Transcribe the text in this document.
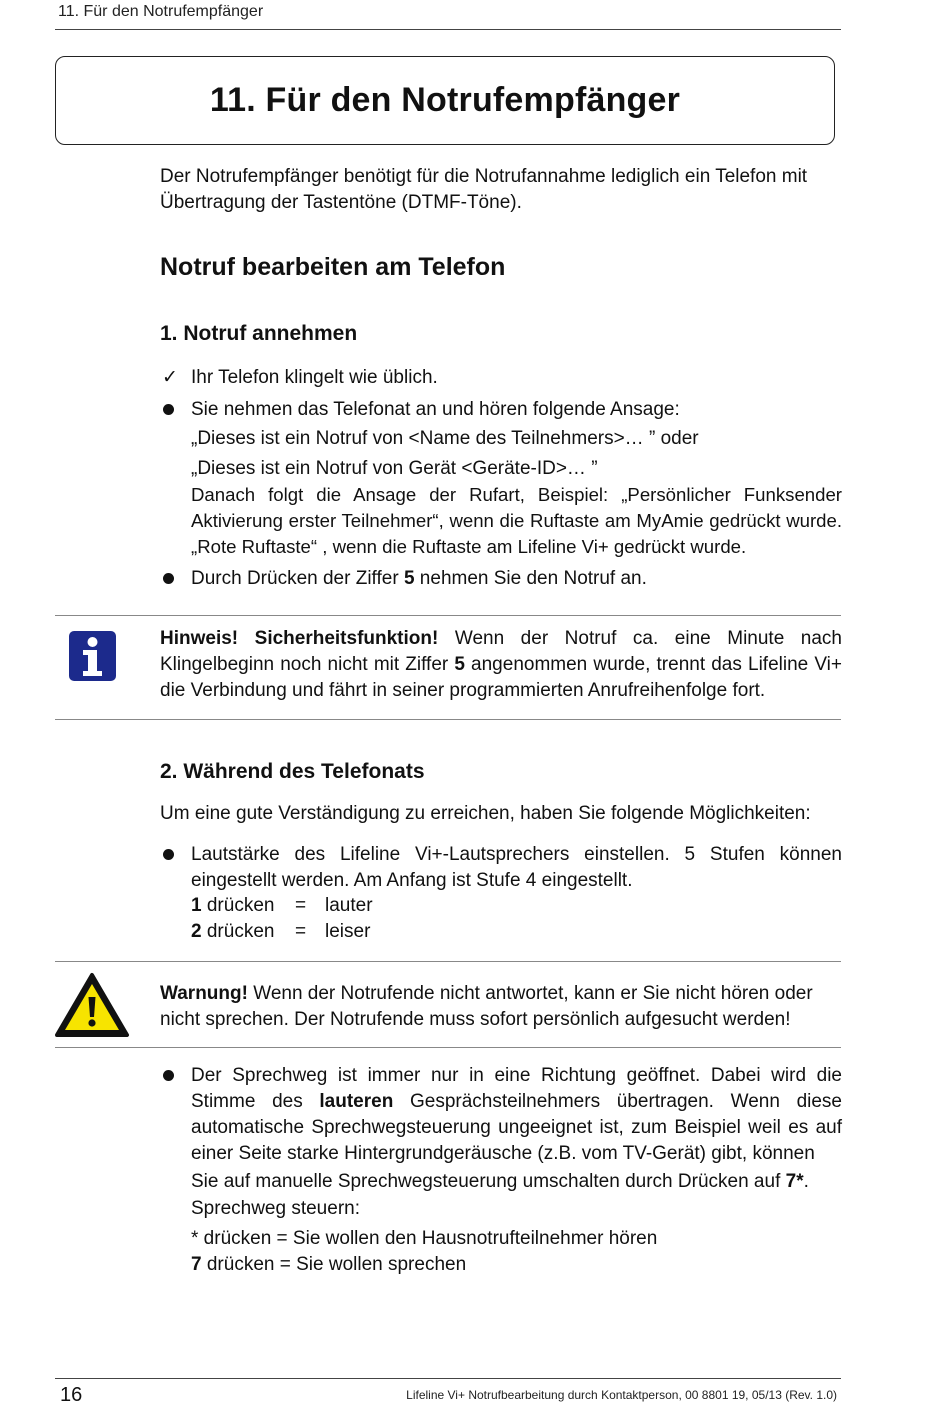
11. Für den Notrufempfänger
11. Für den Notrufempfänger

Der Notrufempfänger benötigt für die Notrufannahme lediglich ein Telefon mit Übertragung der Tastentöne (DTMF-Töne).

Notruf bearbeiten am Telefon
1. Notruf annehmen
✓ Ihr Telefon klingelt wie üblich.

Sie nehmen das Telefonat an und hören folgende Ansage:

„Dieses ist ein Notruf von <Name des Teilnehmers>… ” oder

„Dieses ist ein Notruf von Gerät <Geräte-ID>… ”

Danach folgt die Ansage der Rufart, Beispiel: „Persönlicher Funksender Aktivierung erster Teilnehmer“, wenn die Ruftaste am MyAmie gedrückt wurde. „Rote Ruftaste“ , wenn die Ruftaste am Lifeline Vi+ gedrückt wurde.

Durch Drücken der Ziffer 5 nehmen Sie den Notruf an.

Hinweis! Sicherheitsfunktion! Wenn der Notruf ca. eine Minute nach Klingelbeginn noch nicht mit Ziffer 5 angenommen wurde, trennt das Lifeline Vi+ die Verbindung und fährt in seiner programmierten Anrufreihenfolge fort.

2. Während des Telefonats

Um eine gute Verständigung zu erreichen, haben Sie folgende Möglichkeiten:

Lautstärke des Lifeline Vi+-Lautsprechers einstellen. 5 Stufen können eingestellt werden. Am Anfang ist Stufe 4 eingestellt.

1 drücken = lauter
2 drücken = leiser

Warnung! Wenn der Notrufende nicht antwortet, kann er Sie nicht hören oder nicht sprechen. Der Notrufende muss sofort persönlich aufgesucht werden!

Der Sprechweg ist immer nur in eine Richtung geöffnet. Dabei wird die Stimme des lauteren Gesprächsteilnehmers übertragen. Wenn diese automatische Sprechwegsteuerung ungeeignet ist, zum Beispiel weil es auf einer Seite starke Hintergrundgeräusche (z.B. vom TV-Gerät) gibt, können

Sie auf manuelle Sprechwegsteuerung umschalten durch Drücken auf 7*.

Sprechweg steuern:

* drücken = Sie wollen den Hausnotrufteilnehmer hören

7 drücken = Sie wollen sprechen

16	Lifeline Vi+ Notrufbearbeitung durch Kontaktperson, 00 8801 19, 05/13 (Rev. 1.0)
